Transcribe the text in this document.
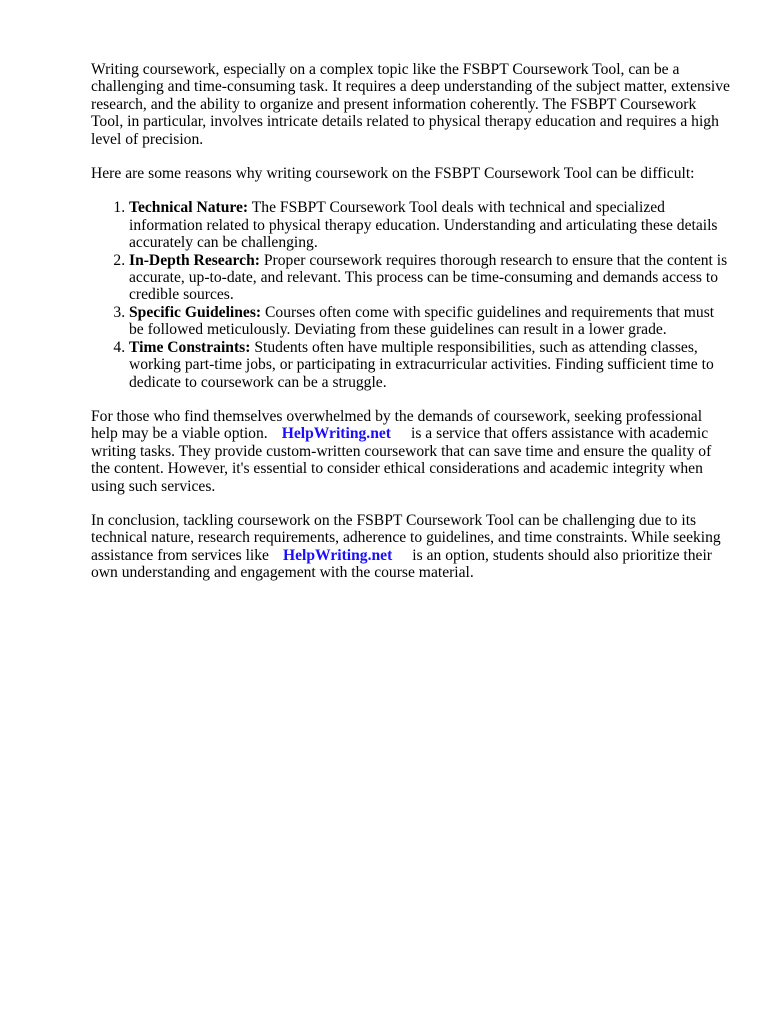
Writing coursework, especially on a complex topic like the FSBPT Coursework Tool, can be a challenging and time-consuming task. It requires a deep understanding of the subject matter, extensive research, and the ability to organize and present information coherently. The FSBPT Coursework Tool, in particular, involves intricate details related to physical therapy education and requires a high level of precision.

Here are some reasons why writing coursework on the FSBPT Coursework Tool can be difficult:

1. Technical Nature: The FSBPT Coursework Tool deals with technical and specialized information related to physical therapy education. Understanding and articulating these details accurately can be challenging.
2. In-Depth Research: Proper coursework requires thorough research to ensure that the content is accurate, up-to-date, and relevant. This process can be time-consuming and demands access to credible sources.
3. Specific Guidelines: Courses often come with specific guidelines and requirements that must be followed meticulously. Deviating from these guidelines can result in a lower grade.
4. Time Constraints: Students often have multiple responsibilities, such as attending classes, working part-time jobs, or participating in extracurricular activities. Finding sufficient time to dedicate to coursework can be a struggle.

For those who find themselves overwhelmed by the demands of coursework, seeking professional help may be a viable option. HelpWriting.net is a service that offers assistance with academic writing tasks. They provide custom-written coursework that can save time and ensure the quality of the content. However, it's essential to consider ethical considerations and academic integrity when using such services.

In conclusion, tackling coursework on the FSBPT Coursework Tool can be challenging due to its technical nature, research requirements, adherence to guidelines, and time constraints. While seeking assistance from services like HelpWriting.net is an option, students should also prioritize their own understanding and engagement with the course material.
